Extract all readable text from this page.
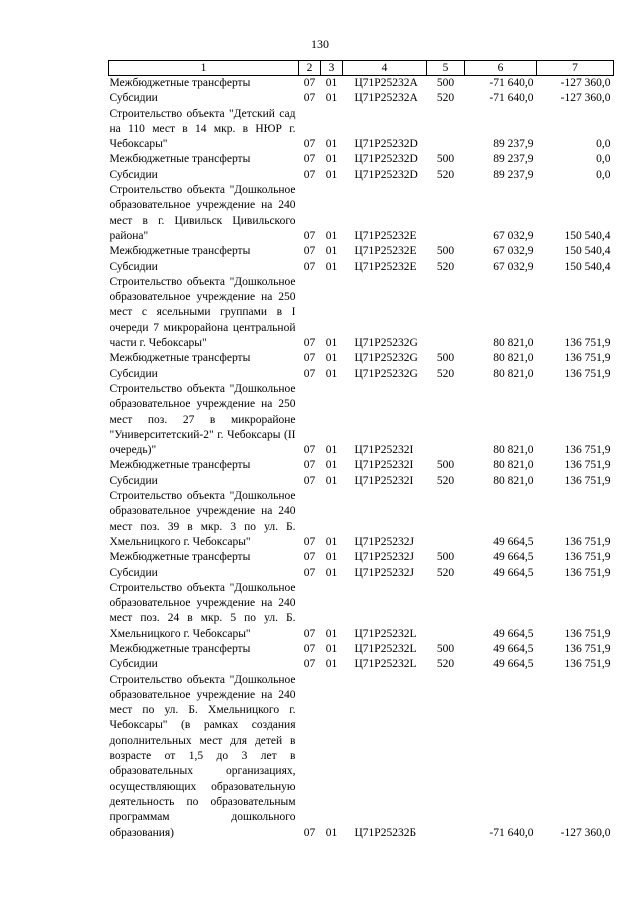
130
1	2	3	4	5	6	7
Межбюджетные трансферты	07	01	Ц71P25232A	500	-71 640,0	-127 360,0
Субсидии	07	01	Ц71P25232A	520	-71 640,0	-127 360,0
Строительство объекта "Детский сад на 110 мест в 14 мкр. в НЮР г. Чебоксары"	07	01	Ц71P25232D		89 237,9	0,0
Межбюджетные трансферты	07	01	Ц71P25232D	500	89 237,9	0,0
Субсидии	07	01	Ц71P25232D	520	89 237,9	0,0
Строительство объекта "Дошкольное образовательное учреждение на 240 мест в г. Цивильск Цивильского района"	07	01	Ц71P25232E		67 032,9	150 540,4
Межбюджетные трансферты	07	01	Ц71P25232E	500	67 032,9	150 540,4
Субсидии	07	01	Ц71P25232E	520	67 032,9	150 540,4
Строительство объекта "Дошкольное образовательное учреждение на 250 мест с ясельными группами в I очереди 7 микрорайона центральной части г. Чебоксары"	07	01	Ц71P25232G		80 821,0	136 751,9
Межбюджетные трансферты	07	01	Ц71P25232G	500	80 821,0	136 751,9
Субсидии	07	01	Ц71P25232G	520	80 821,0	136 751,9
Строительство объекта "Дошкольное образовательное учреждение на 250 мест поз. 27 в микрорайоне "Университетский-2" г. Чебоксары (II очередь)"	07	01	Ц71P25232I		80 821,0	136 751,9
Межбюджетные трансферты	07	01	Ц71P25232I	500	80 821,0	136 751,9
Субсидии	07	01	Ц71P25232I	520	80 821,0	136 751,9
Строительство объекта "Дошкольное образовательное учреждение на 240 мест поз. 39 в мкр. 3 по ул. Б. Хмельницкого г. Чебоксары"	07	01	Ц71P25232J		49 664,5	136 751,9
Межбюджетные трансферты	07	01	Ц71P25232J	500	49 664,5	136 751,9
Субсидии	07	01	Ц71P25232J	520	49 664,5	136 751,9
Строительство объекта "Дошкольное образовательное учреждение на 240 мест поз. 24 в мкр. 5 по ул. Б. Хмельницкого г. Чебоксары"	07	01	Ц71P25232L		49 664,5	136 751,9
Межбюджетные трансферты	07	01	Ц71P25232L	500	49 664,5	136 751,9
Субсидии	07	01	Ц71P25232L	520	49 664,5	136 751,9
Строительство объекта "Дошкольное образовательное учреждение на 240 мест по ул. Б. Хмельницкого г. Чебоксары" (в рамках создания дополнительных мест для детей в возрасте от 1,5 до 3 лет в образовательных организациях, осуществляющих образовательную деятельность по образовательным программам дошкольного образования)	07	01	Ц71P25232Б		-71 640,0	-127 360,0
